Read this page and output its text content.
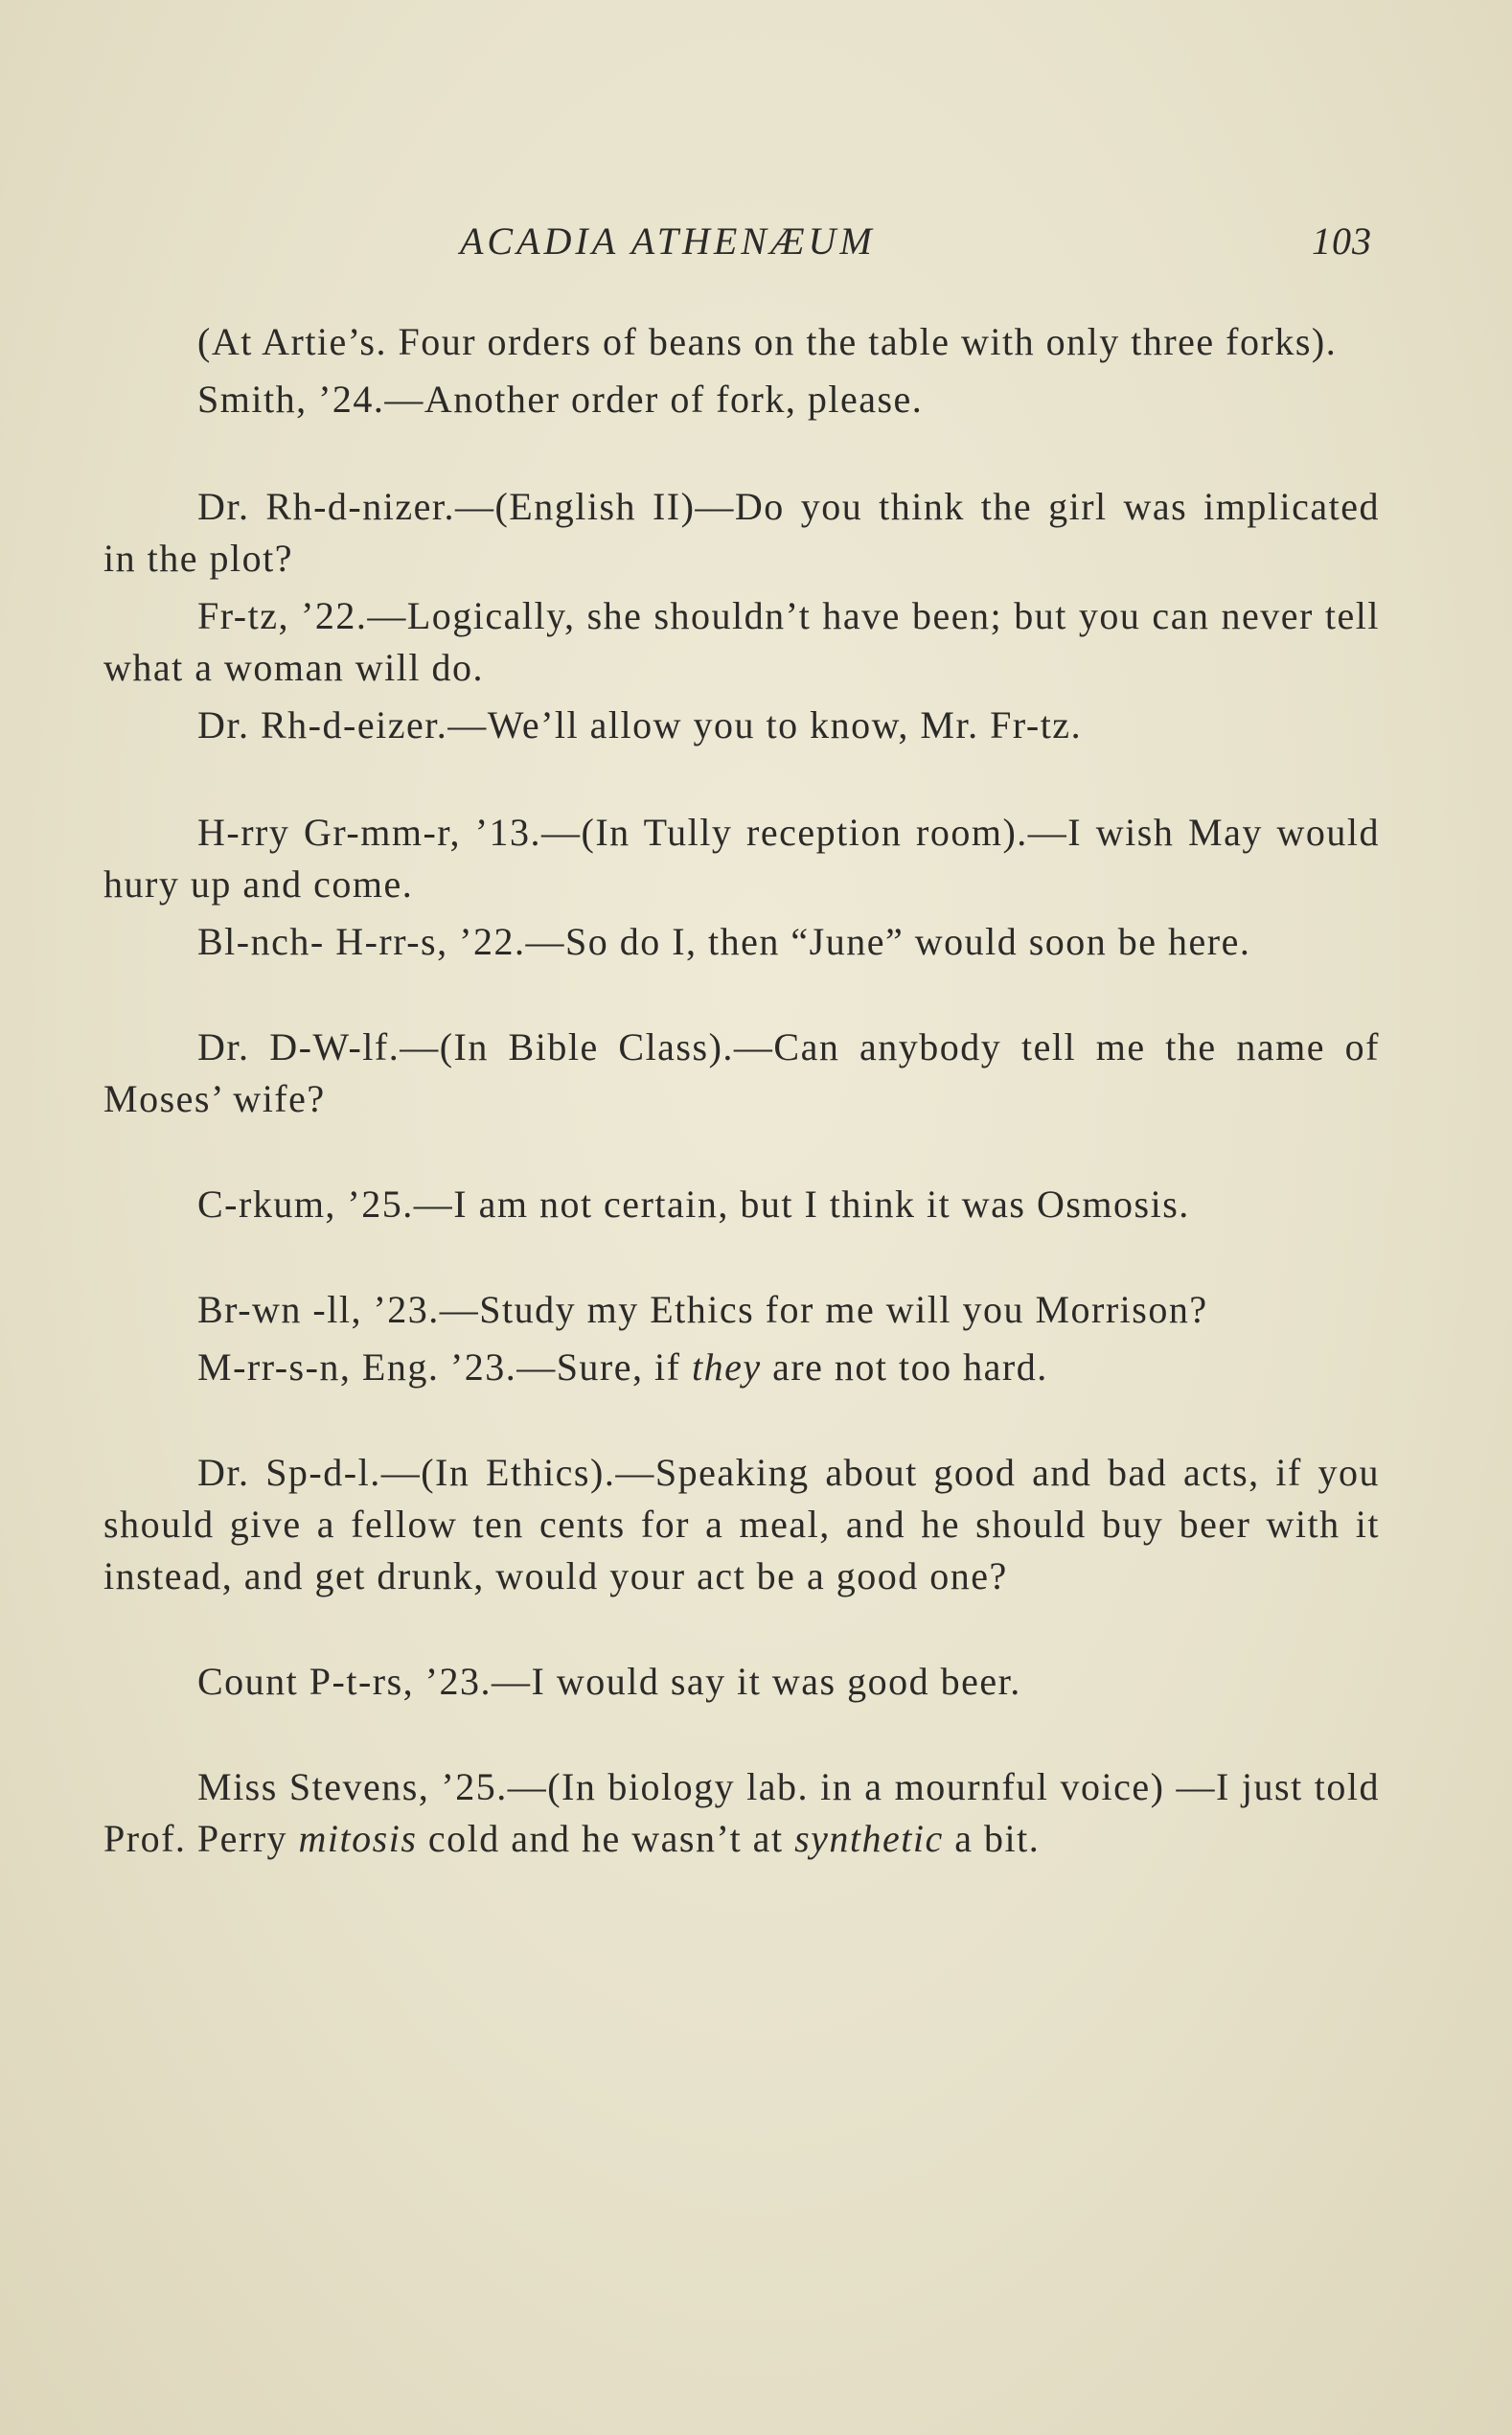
ACADIA ATHENÆUM	103

(At Artie’s. Four orders of beans on the table with only three forks).

Smith, ’24.—Another order of fork, please.

Dr. Rh-d-nizer.—(English II)—Do you think the girl was implicated in the plot?

Fr-tz, ’22.—Logically, she shouldn’t have been; but you can never tell what a woman will do.

Dr. Rh-d-eizer.—We’ll allow you to know, Mr. Fr-tz.

H-rry Gr-mm-r, ’13.—(In Tully reception room).—I wish May would hury up and come.

Bl-nch- H-rr-s, ’22.—So do I, then “June” would soon be here.

Dr. D-W-lf.—(In Bible Class).—Can anybody tell me the name of Moses’ wife?

C-rkum, ’25.—I am not certain, but I think it was Osmosis.

Br-wn -ll, ’23.—Study my Ethics for me will you Morrison?

M-rr-s-n, Eng. ’23.—Sure, if they are not too hard.

Dr. Sp-d-l.—(In Ethics).—Speaking about good and bad acts, if you should give a fellow ten cents for a meal, and he should buy beer with it instead, and get drunk, would your act be a good one?

Count P-t-rs, ’23.—I would say it was good beer.

Miss Stevens, ’25.—(In biology lab. in a mournful voice) —I just told Prof. Perry mitosis cold and he wasn’t at synthetic a bit.
